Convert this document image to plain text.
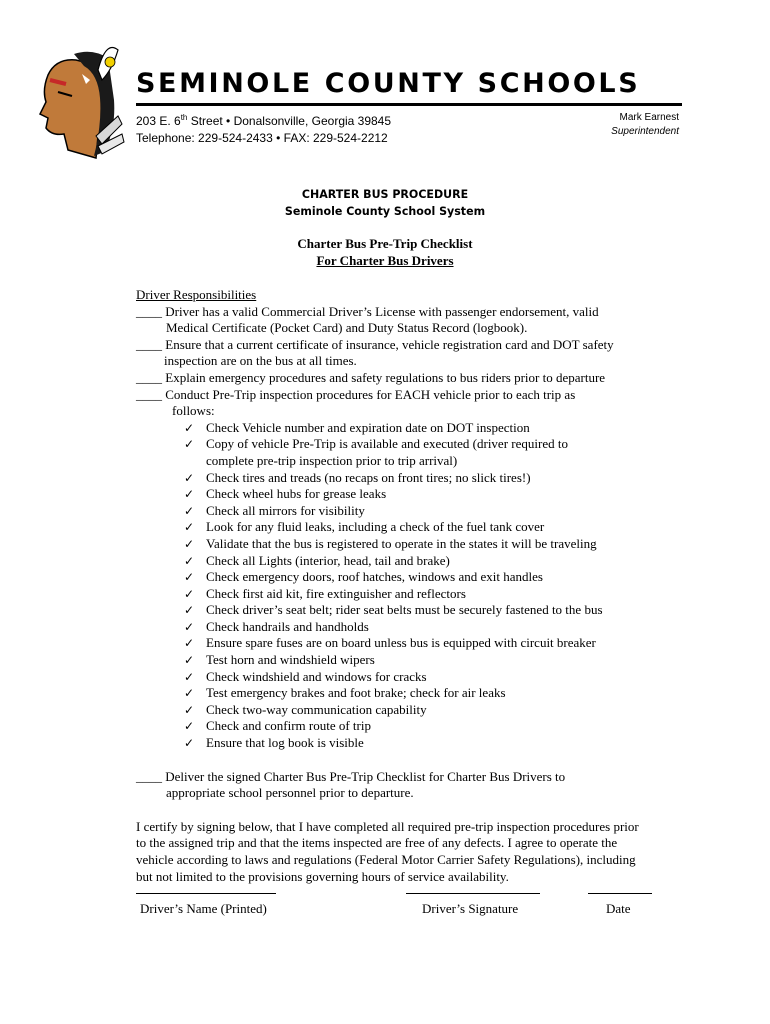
SEMINOLE COUNTY SCHOOLS
203 E. 6th Street • Donalsonville, Georgia 39845
Telephone: 229-524-2433 • FAX: 229-524-2212
Mark Earnest
Superintendent
CHARTER BUS PROCEDURE
Seminole County School System
Charter Bus Pre-Trip Checklist
For Charter Bus Drivers

Driver Responsibilities

____ Driver has a valid Commercial Driver’s License with passenger endorsement, valid
Medical Certificate (Pocket Card) and Duty Status Record (logbook).

____ Ensure that a current certificate of insurance, vehicle registration card and DOT safety
inspection are on the bus at all times.

____ Explain emergency procedures and safety regulations to bus riders prior to departure

____ Conduct Pre-Trip inspection procedures for EACH vehicle prior to each trip as
follows:

✓ Check Vehicle number and expiration date on DOT inspection
✓ Copy of vehicle Pre-Trip is available and executed (driver required to
complete pre-trip inspection prior to trip arrival)
✓ Check tires and treads (no recaps on front tires; no slick tires!)
✓ Check wheel hubs for grease leaks
✓ Check all mirrors for visibility
✓ Look for any fluid leaks, including a check of the fuel tank cover
✓ Validate that the bus is registered to operate in the states it will be traveling
✓ Check all Lights (interior, head, tail and brake)
✓ Check emergency doors, roof hatches, windows and exit handles
✓ Check first aid kit, fire extinguisher and reflectors
✓ Check driver’s seat belt; rider seat belts must be securely fastened to the bus
✓ Check handrails and handholds
✓ Ensure spare fuses are on board unless bus is equipped with circuit breaker
✓ Test horn and windshield wipers
✓ Check windshield and windows for cracks
✓ Test emergency brakes and foot brake; check for air leaks
✓ Check two-way communication capability
✓ Check and confirm route of trip
✓ Ensure that log book is visible

____ Deliver the signed Charter Bus Pre-Trip Checklist for Charter Bus Drivers to
appropriate school personnel prior to departure.

I certify by signing below, that I have completed all required pre-trip inspection procedures prior
to the assigned trip and that the items inspected are free of any defects. I agree to operate the
vehicle according to laws and regulations (Federal Motor Carrier Safety Regulations), including
but not limited to the provisions governing hours of service availability.
Driver’s Name (Printed)	Driver’s Signature	Date
